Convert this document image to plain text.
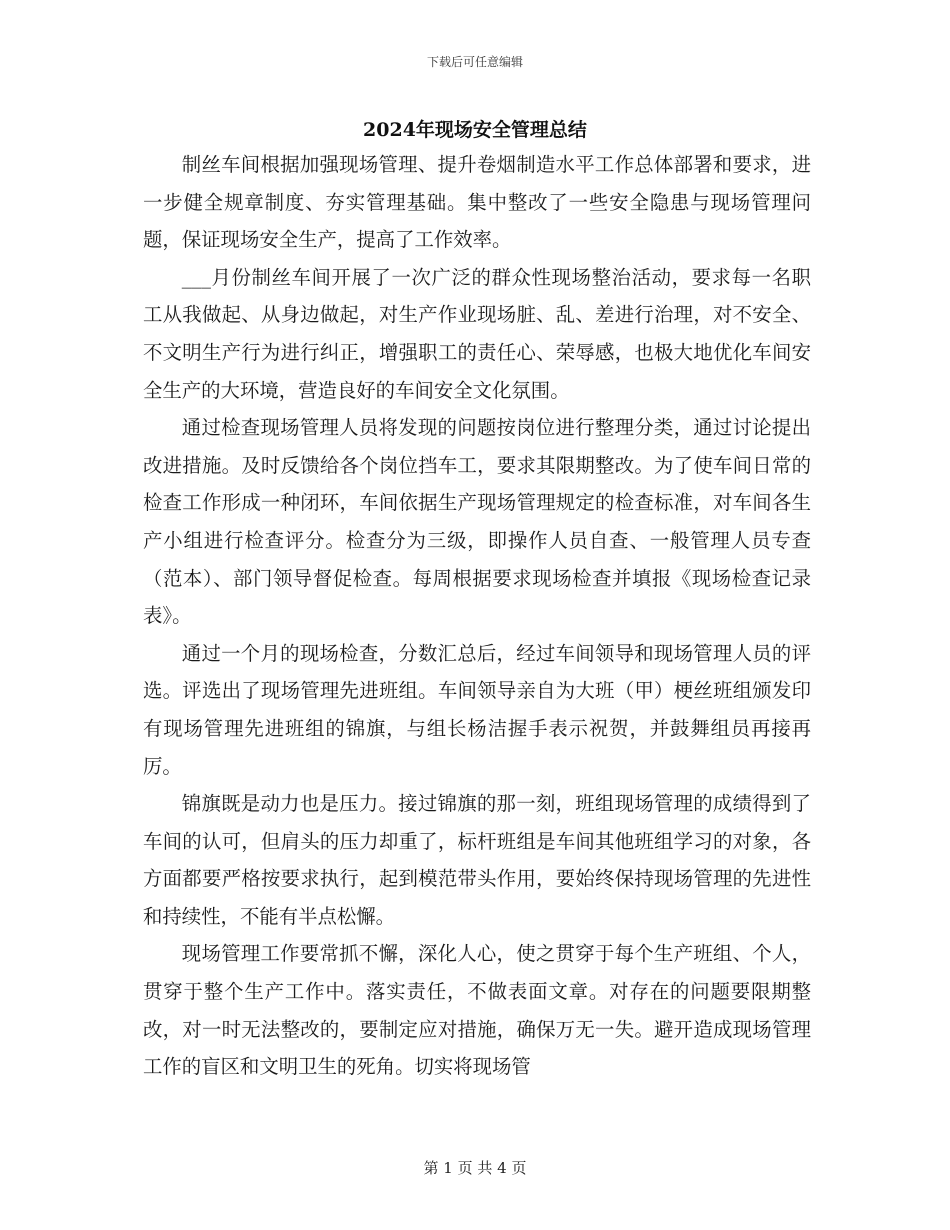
下载后可任意编辑
2024年现场安全管理总结

制丝车间根据加强现场管理、提升卷烟制造水平工作总体部署和要求，进一步健全规章制度、夯实管理基础。集中整改了一些安全隐患与现场管理问题，保证现场安全生产，提高了工作效率。

___月份制丝车间开展了一次广泛的群众性现场整治活动，要求每一名职工从我做起、从身边做起，对生产作业现场脏、乱、差进行治理，对不安全、不文明生产行为进行纠正，增强职工的责任心、荣辱感，也极大地优化车间安全生产的大环境，营造良好的车间安全文化氛围。

通过检查现场管理人员将发现的问题按岗位进行整理分类，通过讨论提出改进措施。及时反馈给各个岗位挡车工，要求其限期整改。为了使车间日常的检查工作形成一种闭环，车间依据生产现场管理规定的检查标准，对车间各生产小组进行检查评分。检查分为三级，即操作人员自查、一般管理人员专查（范本）、部门领导督促检查。每周根据要求现场检查并填报《现场检查记录表》。

通过一个月的现场检查，分数汇总后，经过车间领导和现场管理人员的评选。评选出了现场管理先进班组。车间领导亲自为大班（甲）梗丝班组颁发印有现场管理先进班组的锦旗，与组长杨洁握手表示祝贺，并鼓舞组员再接再厉。

锦旗既是动力也是压力。接过锦旗的那一刻，班组现场管理的成绩得到了车间的认可，但肩头的压力却重了，标杆班组是车间其他班组学习的对象，各方面都要严格按要求执行，起到模范带头作用，要始终保持现场管理的先进性和持续性，不能有半点松懈。

现场管理工作要常抓不懈，深化人心，使之贯穿于每个生产班组、个人，贯穿于整个生产工作中。落实责任，不做表面文章。对存在的问题要限期整改，对一时无法整改的，要制定应对措施，确保万无一失。避开造成现场管理工作的盲区和文明卫生的死角。切实将现场管

第 1 页 共 4 页
